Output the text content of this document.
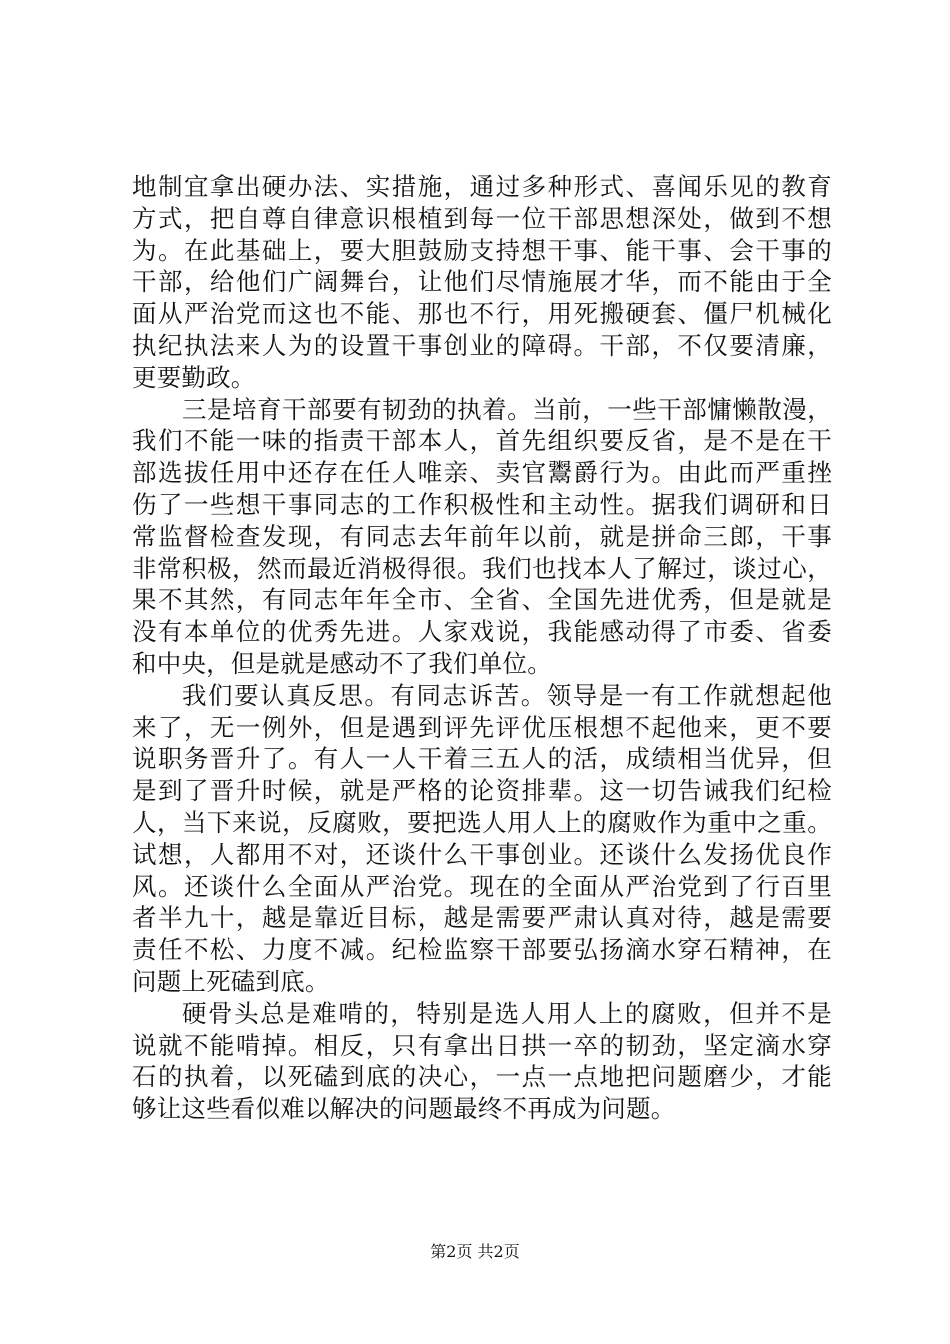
地制宜拿出硬办法、实措施，通过多种形式、喜闻乐见的教育
方式，把自尊自律意识根植到每一位干部思想深处，做到不想
为。在此基础上，要大胆鼓励支持想干事、能干事、会干事的
干部，给他们广阔舞台，让他们尽情施展才华，而不能由于全
面从严治党而这也不能、那也不行，用死搬硬套、僵尸机械化
执纪执法来人为的设置干事创业的障碍。干部，不仅要清廉，
更要勤政。

三是培育干部要有韧劲的执着。当前，一些干部慵懒散漫，
我们不能一味的指责干部本人，首先组织要反省，是不是在干
部选拔任用中还存在任人唯亲、卖官鬻爵行为。由此而严重挫
伤了一些想干事同志的工作积极性和主动性。据我们调研和日
常监督检查发现，有同志去年前年以前，就是拼命三郎，干事
非常积极，然而最近消极得很。我们也找本人了解过，谈过心，
果不其然，有同志年年全市、全省、全国先进优秀，但是就是
没有本单位的优秀先进。人家戏说，我能感动得了市委、省委
和中央，但是就是感动不了我们单位。

我们要认真反思。有同志诉苦。领导是一有工作就想起他
来了，无一例外，但是遇到评先评优压根想不起他来，更不要
说职务晋升了。有人一人干着三五人的活，成绩相当优异，但
是到了晋升时候，就是严格的论资排辈。这一切告诫我们纪检
人，当下来说，反腐败，要把选人用人上的腐败作为重中之重。
试想，人都用不对，还谈什么干事创业。还谈什么发扬优良作
风。还谈什么全面从严治党。现在的全面从严治党到了行百里
者半九十，越是靠近目标，越是需要严肃认真对待，越是需要
责任不松、力度不减。纪检监察干部要弘扬滴水穿石精神，在
问题上死磕到底。

硬骨头总是难啃的，特别是选人用人上的腐败，但并不是
说就不能啃掉。相反，只有拿出日拱一卒的韧劲，坚定滴水穿
石的执着，以死磕到底的决心，一点一点地把问题磨少，才能
够让这些看似难以解决的问题最终不再成为问题。

第2页 共2页
